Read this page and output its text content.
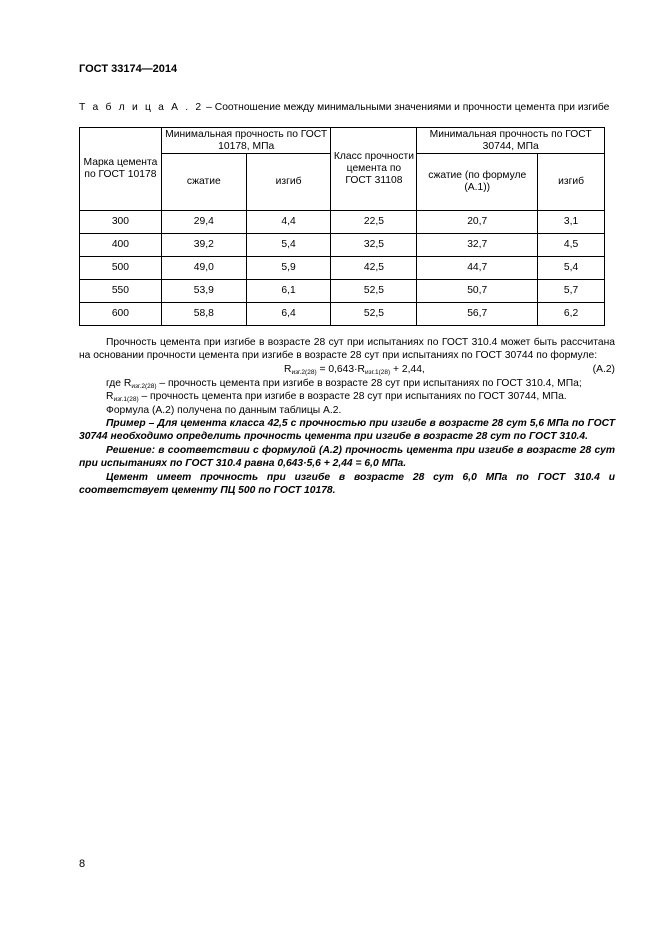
ГОСТ 33174—2014
Т а б л и ц а А . 2 – Соотношение между минимальными значениями и прочности цемента при изгибе
Марка цемента по ГОСТ 10178	Минимальная прочность по ГОСТ 10178, МПа		Класс прочности цемента по ГОСТ 31108	Минимальная прочность по ГОСТ 30744, МПа	
	сжатие	изгиб		сжатие (по формуле (А.1))	изгиб
300	29,4	4,4	22,5	20,7	3,1
400	39,2	5,4	32,5	32,7	4,5
500	49,0	5,9	42,5	44,7	5,4
550	53,9	6,1	52,5	50,7	5,7
600	58,8	6,4	52,5	56,7	6,2

Прочность цемента при изгибе в возрасте 28 сут при испытаниях по ГОСТ 310.4 может быть рассчитана на основании прочности цемента при изгибе в возрасте 28 сут при испытаниях по ГОСТ 30744 по формуле:

$R_{изг.2(28)} = 0,643\cdot R_{изг.1(28)} + 2,44$,	(А.2)

где $R_{изг.2(28)}$ – прочность цемента при изгибе в возрасте 28 сут при испытаниях по ГОСТ 310.4, МПа;

$R_{изг.1(28)}$ – прочность цемента при изгибе в возрасте 28 сут при испытаниях по ГОСТ 30744, МПа.

Формула (А.2) получена по данным таблицы А.2.

Пример – Для цемента класса 42,5 с прочностью при изгибе в возрасте 28 сут 5,6 МПа по ГОСТ 30744 необходимо определить прочность цемента при изгибе в возрасте 28 сут по ГОСТ 310.4.

Решение: в соответствии с формулой (А.2) прочность цемента при изгибе в возрасте 28 сут при испытаниях по ГОСТ 310.4 равна 0,643·5,6 + 2,44 = 6,0 МПа.

Цемент имеет прочность при изгибе в возрасте 28 сут 6,0 МПа по ГОСТ 310.4 и соответствует цементу ПЦ 500 по ГОСТ 10178.

8
